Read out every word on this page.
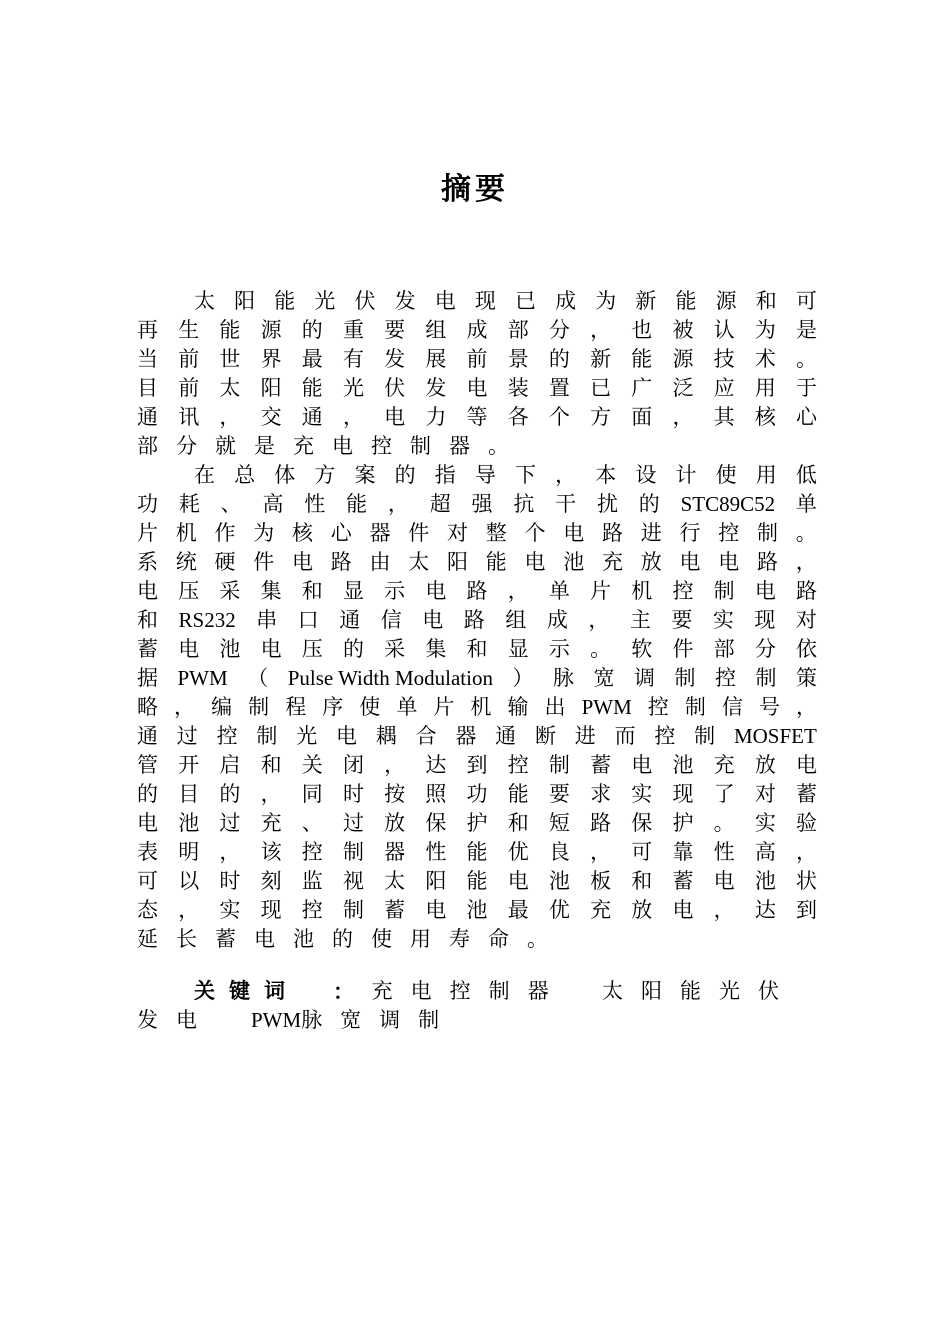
摘要
太 阳 能 光 伏 发 电 现 已 成 为 新 能 源 和 可
再 生 能 源 的 重 要 组 成 部 分 ， 也 被 认 为 是
当 前 世 界 最 有 发 展 前 景 的 新 能 源 技 术 。
目 前 太 阳 能 光 伏 发 电 装 置 已 广 泛 应 用 于
通 讯 ， 交 通 ， 电 力 等 各 个 方 面 ， 其 核 心
部 分 就 是 充 电 控 制 器 。
在 总 体 方 案 的 指 导 下 ， 本 设 计 使 用 低
功 耗 、 高 性 能 ， 超 强 抗 干 扰 的 STC89C52 单
片 机 作 为 核 心 器 件 对 整 个 电 路 进 行 控 制 。
系 统 硬 件 电 路 由 太 阳 能 电 池 充 放 电 电 路 ，
电 压 采 集 和 显 示 电 路 ， 单 片 机 控 制 电 路
和 RS232 串 口 通 信 电 路 组 成 ， 主 要 实 现 对
蓄 电 池 电 压 的 采 集 和 显 示 。 软 件 部 分 依
据 PWM （ Pulse Width Modulation ） 脉 宽 调 制 控 制 策
略 ， 编 制 程 序 使 单 片 机 输 出 PWM 控 制 信 号 ，
通 过 控 制 光 电 耦 合 器 通 断 进 而 控 制 MOSFET
管 开 启 和 关 闭 ， 达 到 控 制 蓄 电 池 充 放 电
的 目 的 ， 同 时 按 照 功 能 要 求 实 现 了 对 蓄
电 池 过 充 、 过 放 保 护 和 短 路 保 护 。 实 验
表 明 ， 该 控 制 器 性 能 优 良 ， 可 靠 性 高 ，
可 以 时 刻 监 视 太 阳 能 电 池 板 和 蓄 电 池 状
态 ， 实 现 控 制 蓄 电 池 最 优 充 放 电 ， 达 到
延 长 蓄 电 池 的 使 用 寿 命 。
关键词 ： 充电控制器 太阳能光伏
发电 PWM 脉宽调制
